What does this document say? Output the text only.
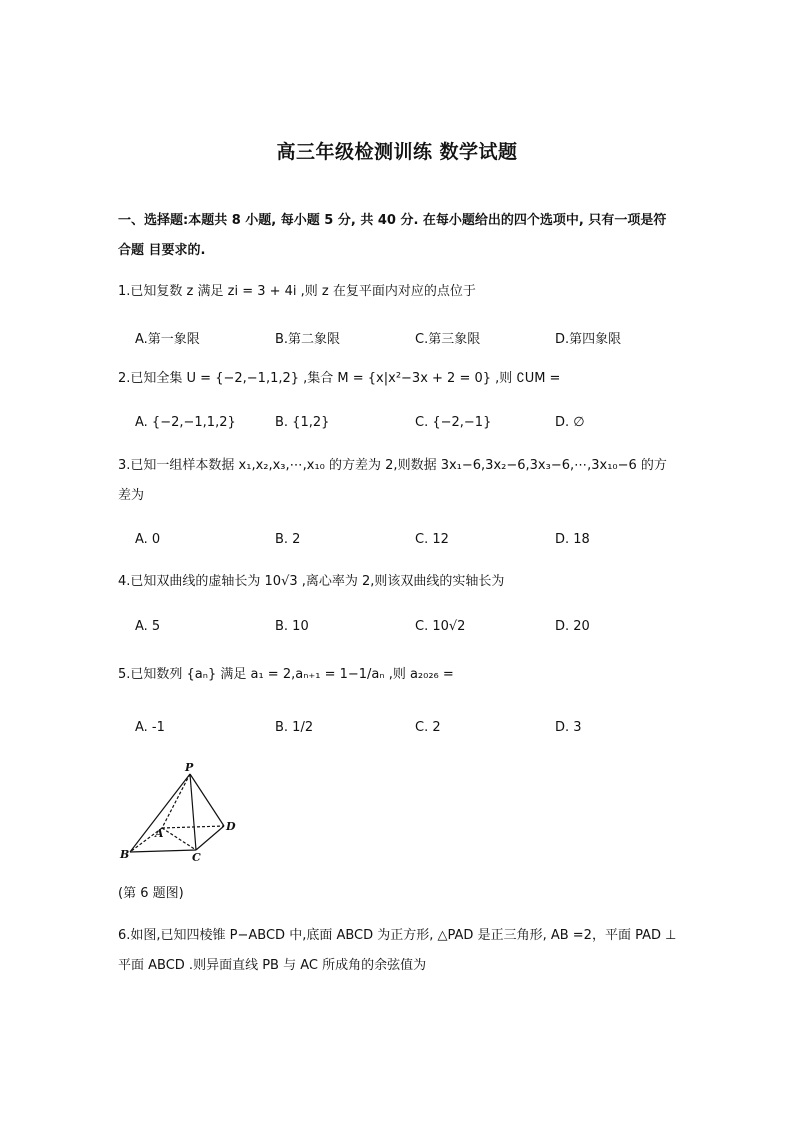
高三年级检测训练 数学试题
一、选择题:本题共 8 小题, 每小题 5 分, 共 40 分. 在每小题给出的四个选项中, 只有一项是符合题 目要求的.
1.已知复数 z 满足 zi = 3 + 4i ,则 z 在复平面内对应的点位于
A.第一象限	B.第二象限	C.第三象限	D.第四象限
2.已知全集 U = {−2,−1,1,2} ,集合 M = {x|x²−3x + 2 = 0} ,则 ∁UM =
A. {−2,−1,1,2}	B. {1,2}	C. {−2,−1}	D. ∅
3.已知一组样本数据 x₁,x₂,x₃,⋯,x₁₀ 的方差为 2,则数据 3x₁−6,3x₂−6,3x₃−6,⋯,3x₁₀−6 的方差为
A. 0	B. 2	C. 12	D. 18
4.已知双曲线的虚轴长为 10√3 ,离心率为 2,则该双曲线的实轴长为
A. 5	B. 10	C. 10√2	D. 20
5.已知数列 {aₙ} 满足 a₁ = 2,aₙ₊₁ = 1−1/aₙ ,则 a₂₀₂₆ =
A. -1	B. 1/2	C. 2	D. 3
P
A
B	C
D
(第 6 题图)
6.如图,已知四棱锥 P−ABCD 中,底面 ABCD 为正方形, △PAD 是正三角形, AB =2，平面 PAD ⊥ 平面 ABCD .则异面直线 PB 与 AC 所成角的余弦值为
